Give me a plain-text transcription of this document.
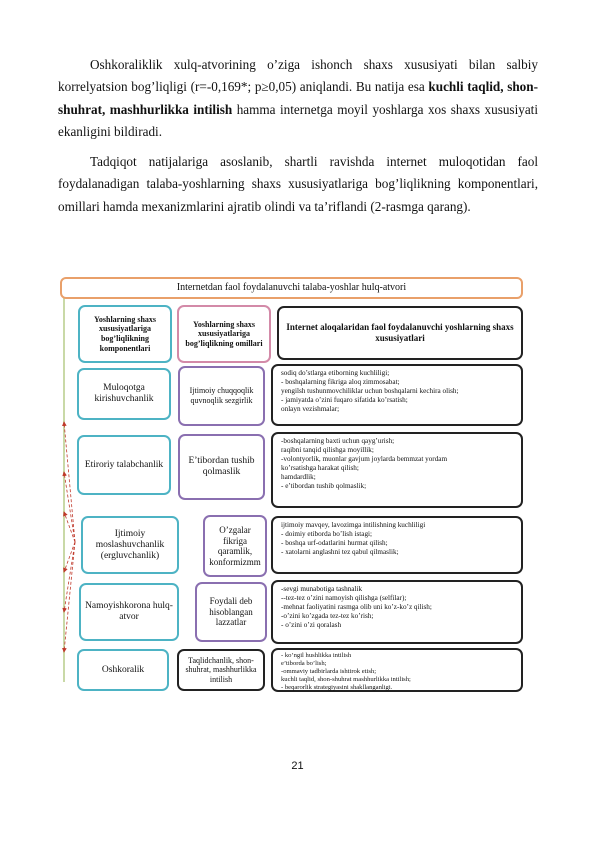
Oshkoraliklik xulq-atvorining o’ziga ishonch shaxs xususiyati bilan salbiy korrelyatsion bog’liqligi (r=-0,169*; p≥0,05) aniqlandi. Bu natija esa kuchli taqlid, shon-shuhrat, mashhurlikka intilish hamma internetga moyil yoshlarga xos shaxs xususiyati ekanligini bildiradi.

Tadqiqot natijalariga asoslanib, shartli ravishda internet muloqotidan faol foydalanadigan talaba-yoshlarning shaxs xususiyatlariga bog’liqlikning komponentlari, omillari hamda mexanizmlarini ajratib olindi va ta’riflandi (2-rasmga qarang).

Internetdan faol foydalanuvchi talaba-yoshlar hulq-atvori
Yoshlarning shaxs xususiyatlariga bog’liqlikning komponentlari
Yoshlarning shaxs xususiyatlariga bog’liqlikning omillari
Internet aloqalaridan faol foydalanuvchi yoshlarning shaxs xususiyatlari
Muloqotga kirishuvchanlik
Ijtimoiy chuqqoqlik quvnoqlik sezgirlik
sodiq do’stlarga etiborning kuchliligi;
- boshqalarning fikriga aloq zimmosabat;
yengilsh tushunmovchiliklar uchun boshqalarni kechira olish;
- jamiyatda o’zini fuqaro sifatida ko’rsatish;
onlayn vezishmalar;
Etiroriy talabchanlik	E’tibordan tushib qolmaslik
-boshqalarning baxti uchun qayg’urish;
raqibni tanqid qilishga moyillik;
-volontyorlik, muonlar gavjum joylarda bemmzat yordam
ko’rsatishga harakat qilish;
hamdardlik;
- e’tibordan tushib qolmaslik;
Ijtimoiy moslashuvchanlik (ergluvchanlik)
O’zgalar fikriga qaramlik, konformizmm
ijtimoiy mavqey, lavozimga intilishning kuchliligi
- doimiy etiborda bo’lish istagi;
- boshqa urf-odatlarini hurmat qilish;
- xatolarni anglashni tez qabul qilmaslik;
Namoyishkorona hulq-atvor
Foydali deb hisoblangan lazzatlar
-sevgi munabotiga tashnalik
--tez-tez o’zini namoyish qilishga (selfilar);
-mehnat faoliyatini rasmga olib uni ko’z-ko’z qilish;
-o’zini ko’zgada tez-tez ko’rish;
- o’zini o’zi qoralash
Oshkoralik
Taqlidchanlik, shon-shuhrat, mashhurlikka intilish
- ko’ngil hushlikka intilish
e’tiborda bo’lish;
-ommaviy tadbirlarda ishtirok etish;
kuchli taqlid, shon-shuhrat mashhurlikka intilish;
- beqarorlik strategiyasini shakllanganligi.
21
